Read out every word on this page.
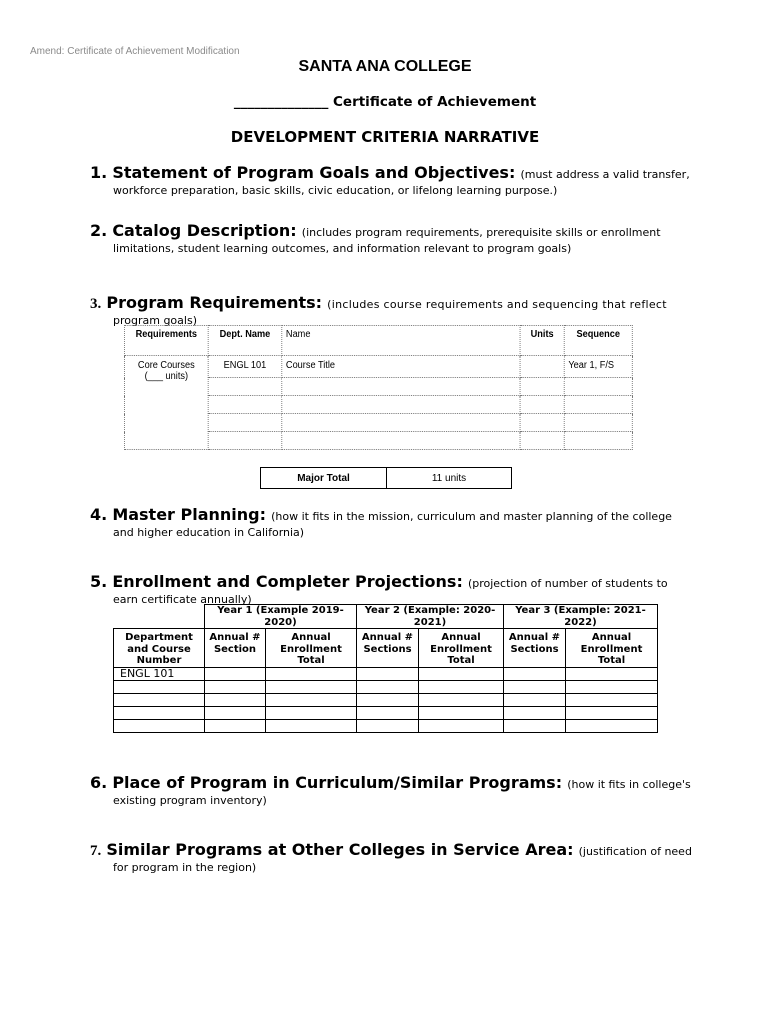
Amend: Certificate of Achievement Modification
SANTA ANA COLLEGE
______________ Certificate of Achievement
DEVELOPMENT CRITERIA NARRATIVE
1. Statement of Program Goals and Objectives: (must address a valid transfer,
workforce preparation, basic skills, civic education, or lifelong learning purpose.)
2. Catalog Description: (includes program requirements, prerequisite skills or enrollment
limitations, student learning outcomes, and information relevant to program goals)
3. Program Requirements: (includes course requirements and sequencing that reflect
program goals)
Requirements	Dept. Name	Name	Units	Sequence

Core Courses
(___ units)	ENGL 101	Course Title		Year 1, F/S

Major Total	11 units
4. Master Planning: (how it fits in the mission, curriculum and master planning of the college
and higher education in California)
5. Enrollment and Completer Projections: (projection of number of students to
earn certificate annually)
	Year 1 (Example 2019-2020)		Year 2 (Example: 2020-2021)		Year 3 (Example: 2021-2022)	
Department and Course Number	Annual # Section	Annual Enrollment Total	Annual # Sections	Annual Enrollment Total	Annual # Sections	Annual Enrollment Total
ENGL 101						

6. Place of Program in Curriculum/Similar Programs: (how it fits in college's
existing program inventory)
7. Similar Programs at Other Colleges in Service Area: (justification of need
for program in the region)
